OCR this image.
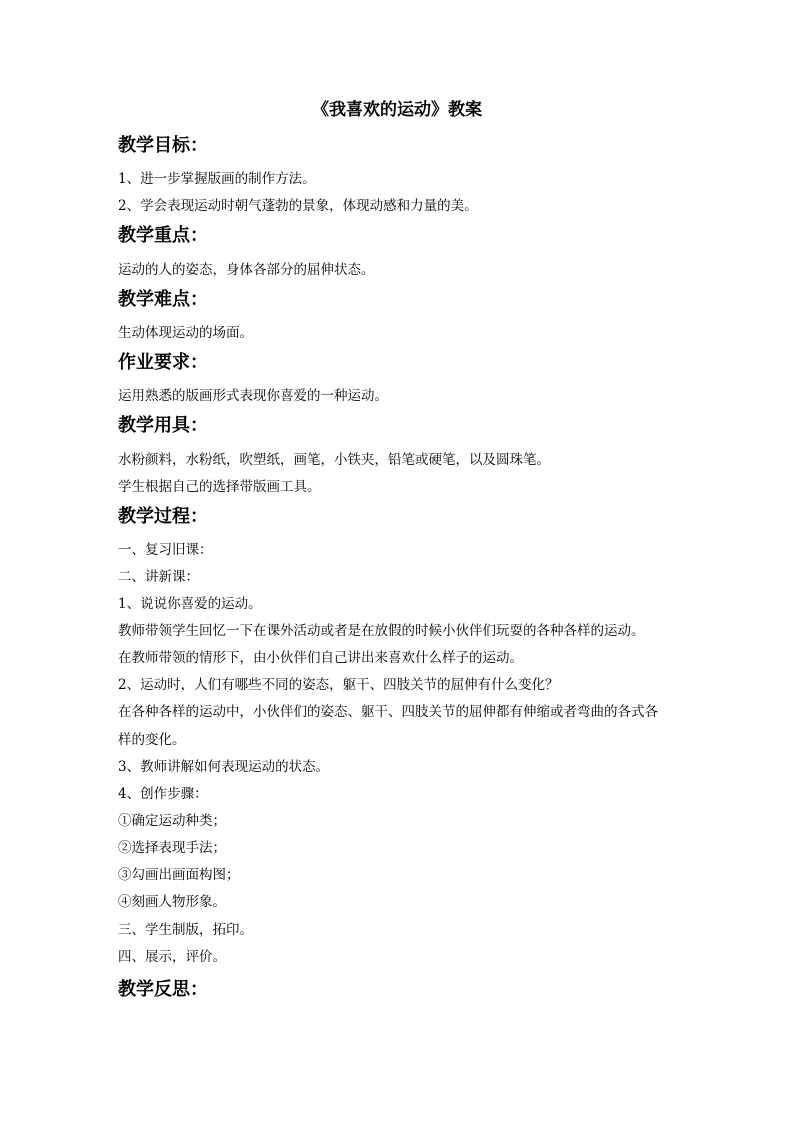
《我喜欢的运动》教案
教学目标：
1、进一步掌握版画的制作方法。
2、学会表现运动时朝气蓬勃的景象，体现动感和力量的美。
教学重点：
运动的人的姿态，身体各部分的屈伸状态。
教学难点：
生动体现运动的场面。
作业要求：
运用熟悉的版画形式表现你喜爱的一种运动。
教学用具：
水粉颜料，水粉纸，吹塑纸，画笔，小铁夹，铅笔或硬笔，以及圆珠笔。
学生根据自己的选择带版画工具。
教学过程：
一、复习旧课：
二、讲新课：
1、说说你喜爱的运动。
教师带领学生回忆一下在课外活动或者是在放假的时候小伙伴们玩耍的各种各样的运动。
在教师带领的情形下，由小伙伴们自己讲出来喜欢什么样子的运动。
2、运动时，人们有哪些不同的姿态，躯干、四肢关节的屈伸有什么变化？
在各种各样的运动中，小伙伴们的姿态、躯干、四肢关节的屈伸都有伸缩或者弯曲的各式各
样的变化。
3、教师讲解如何表现运动的状态。
4、创作步骤：
①确定运动种类；
②选择表现手法；
③勾画出画面构图；
④刻画人物形象。
三、学生制版，拓印。
四、展示，评价。
教学反思：
